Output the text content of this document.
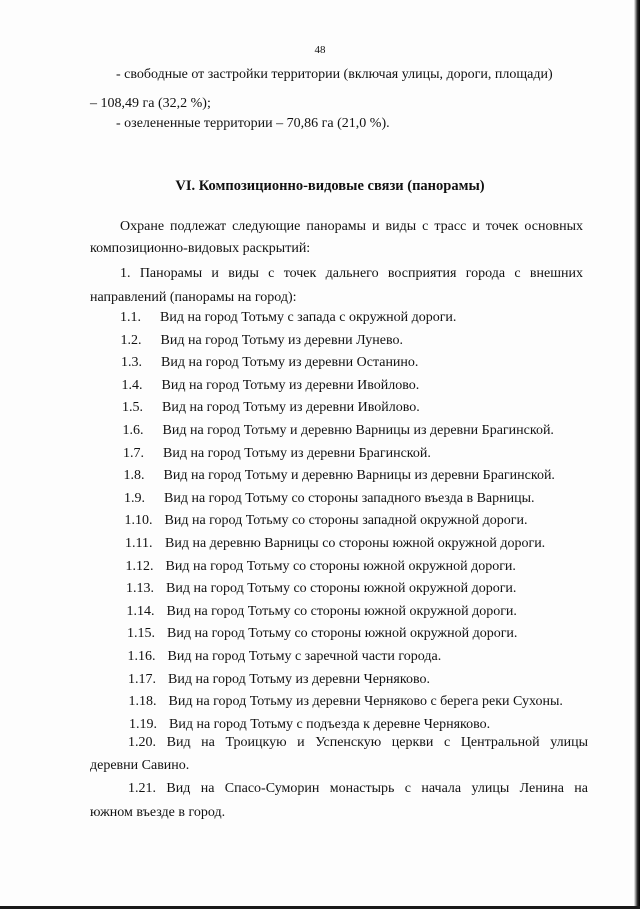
48
- свободные от застройки территории (включая улицы, дороги, площади)
– 108,49 га (32,2 %);
- озелененные территории – 70,86 га (21,0 %).
VI. Композиционно-видовые связи (панорамы)
Охране подлежат следующие панорамы и виды с трасс и точек основных
композиционно-видовых раскрытий:
1. Панорамы и виды с точек дальнего восприятия города с внешних
направлений (панорамы на город):
1.1. Вид на город Тотьму с запада с окружной дороги.
1.2. Вид на город Тотьму из деревни Лунево.
1.3. Вид на город Тотьму из деревни Останино.
1.4. Вид на город Тотьму из деревни Ивойлово.
1.5. Вид на город Тотьму из деревни Ивойлово.
1.6. Вид на город Тотьму и деревню Варницы из деревни Брагинской.
1.7. Вид на город Тотьму из деревни Брагинской.
1.8. Вид на город Тотьму и деревню Варницы из деревни Брагинской.
1.9. Вид на город Тотьму со стороны западного въезда в Варницы.
1.10. Вид на город Тотьму со стороны западной окружной дороги.
1.11. Вид на деревню Варницы со стороны южной окружной дороги.
1.12. Вид на город Тотьму со стороны южной окружной дороги.
1.13. Вид на город Тотьму со стороны южной окружной дороги.
1.14. Вид на город Тотьму со стороны южной окружной дороги.
1.15. Вид на город Тотьму со стороны южной окружной дороги.
1.16. Вид на город Тотьму с заречной части города.
1.17. Вид на город Тотьму из деревни Черняково.
1.18. Вид на город Тотьму из деревни Черняково с берега реки Сухоны.
1.19. Вид на город Тотьму с подъезда к деревне Черняково.
1.20. Вид на Троицкую и Успенскую церкви с Центральной улицы
деревни Савино.
1.21. Вид на Спасо-Суморин монастырь с начала улицы Ленина на
южном въезде в город.
